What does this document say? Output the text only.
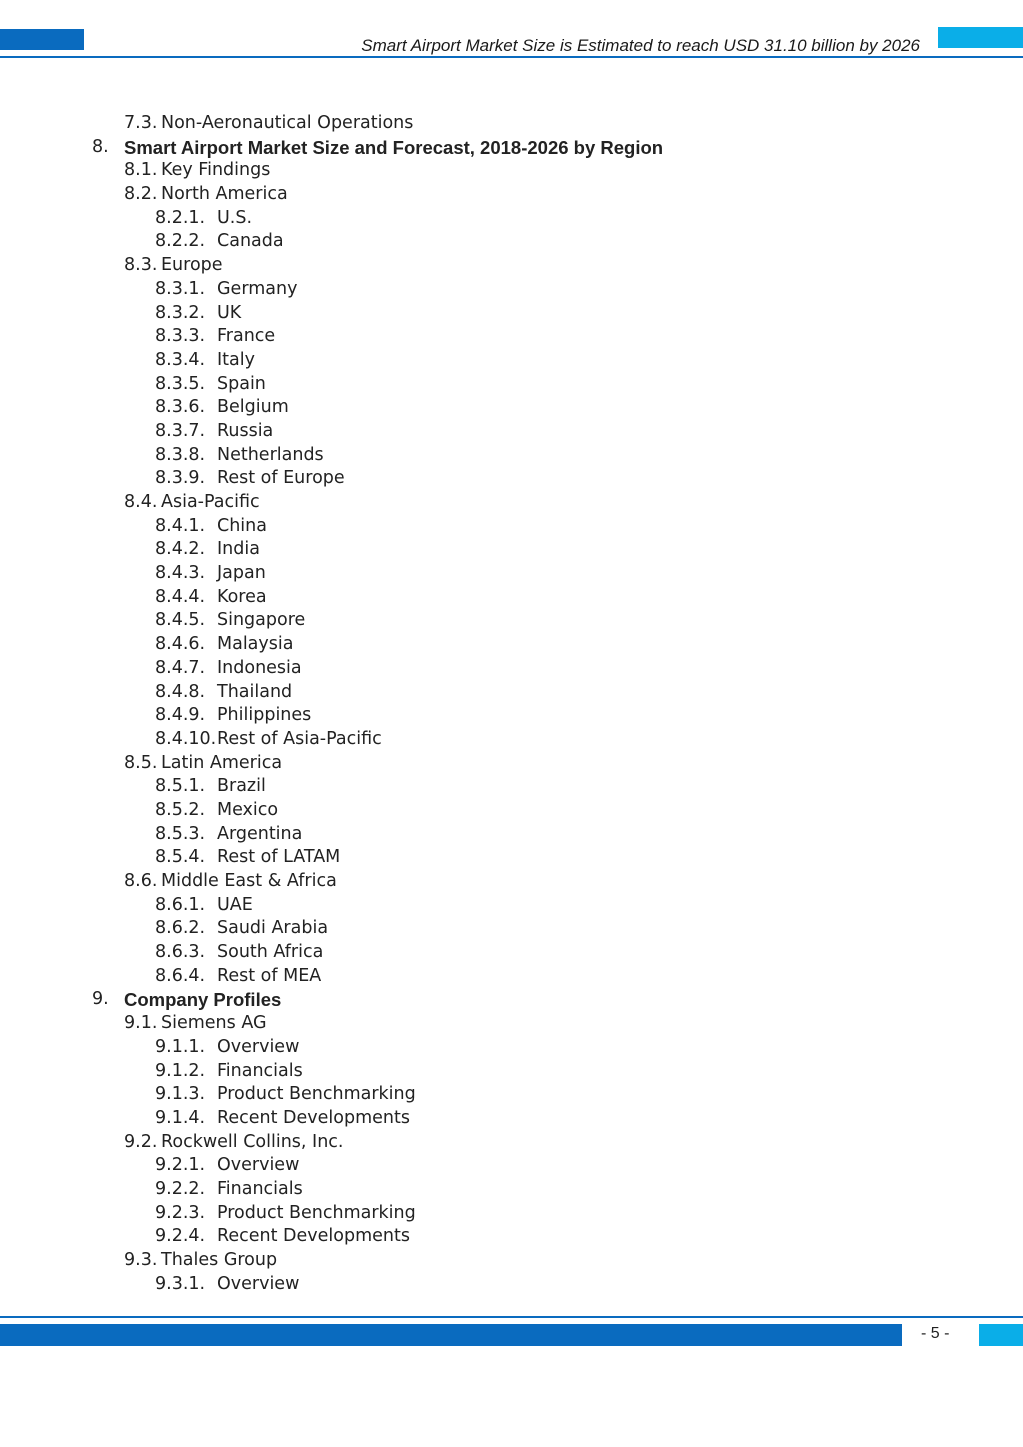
Smart Airport Market Size is Estimated to reach USD 31.10 billion by 2026
7.3. Non-Aeronautical Operations
8. Smart Airport Market Size and Forecast, 2018-2026 by Region
8.1. Key Findings
8.2. North America
8.2.1. U.S.
8.2.2. Canada
8.3. Europe
8.3.1. Germany
8.3.2. UK
8.3.3. France
8.3.4. Italy
8.3.5. Spain
8.3.6. Belgium
8.3.7. Russia
8.3.8. Netherlands
8.3.9. Rest of Europe
8.4. Asia-Pacific
8.4.1. China
8.4.2. India
8.4.3. Japan
8.4.4. Korea
8.4.5. Singapore
8.4.6. Malaysia
8.4.7. Indonesia
8.4.8. Thailand
8.4.9. Philippines
8.4.10. Rest of Asia-Pacific
8.5. Latin America
8.5.1. Brazil
8.5.2. Mexico
8.5.3. Argentina
8.5.4. Rest of LATAM
8.6. Middle East & Africa
8.6.1. UAE
8.6.2. Saudi Arabia
8.6.3. South Africa
8.6.4. Rest of MEA
9. Company Profiles
9.1. Siemens AG
9.1.1. Overview
9.1.2. Financials
9.1.3. Product Benchmarking
9.1.4. Recent Developments
9.2. Rockwell Collins, Inc.
9.2.1. Overview
9.2.2. Financials
9.2.3. Product Benchmarking
9.2.4. Recent Developments
9.3. Thales Group
9.3.1. Overview
- 5 -
